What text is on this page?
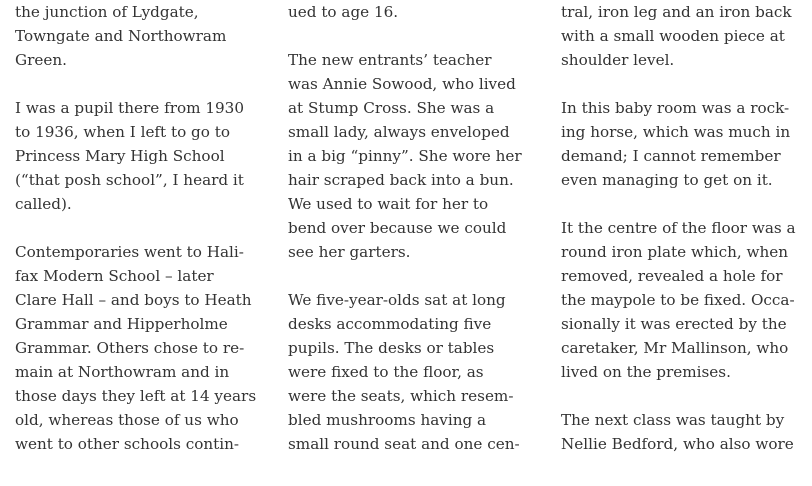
the junction of Lydgate,
Towngate and Northowram
Green.
I was a pupil there from 1930
to 1936, when I left to go to
Princess Mary High School
(“that posh school”, I heard it
called).
Contemporaries went to Hali-
fax Modern School – later
Clare Hall – and boys to Heath
Grammar and Hipperholme
Grammar. Others chose to re-
main at Northowram and in
those days they left at 14 years
old, whereas those of us who
went to other schools contin-
ued to age 16.
The new entrants’ teacher
was Annie Sowood, who lived
at Stump Cross. She was a
small lady, always enveloped
in a big “pinny”. She wore her
hair scraped back into a bun.
We used to wait for her to
bend over because we could
see her garters.
We five-year-olds sat at long
desks accommodating five
pupils. The desks or tables
were fixed to the floor, as
were the seats, which resem-
bled mushrooms having a
small round seat and one cen-
tral, iron leg and an iron back
with a small wooden piece at
shoulder level.
In this baby room was a rock-
ing horse, which was much in
demand; I cannot remember
even managing to get on it.
It the centre of the floor was a
round iron plate which, when
removed, revealed a hole for
the maypole to be fixed. Occa-
sionally it was erected by the
caretaker, Mr Mallinson, who
lived on the premises.
The next class was taught by
Nellie Bedford, who also wore
